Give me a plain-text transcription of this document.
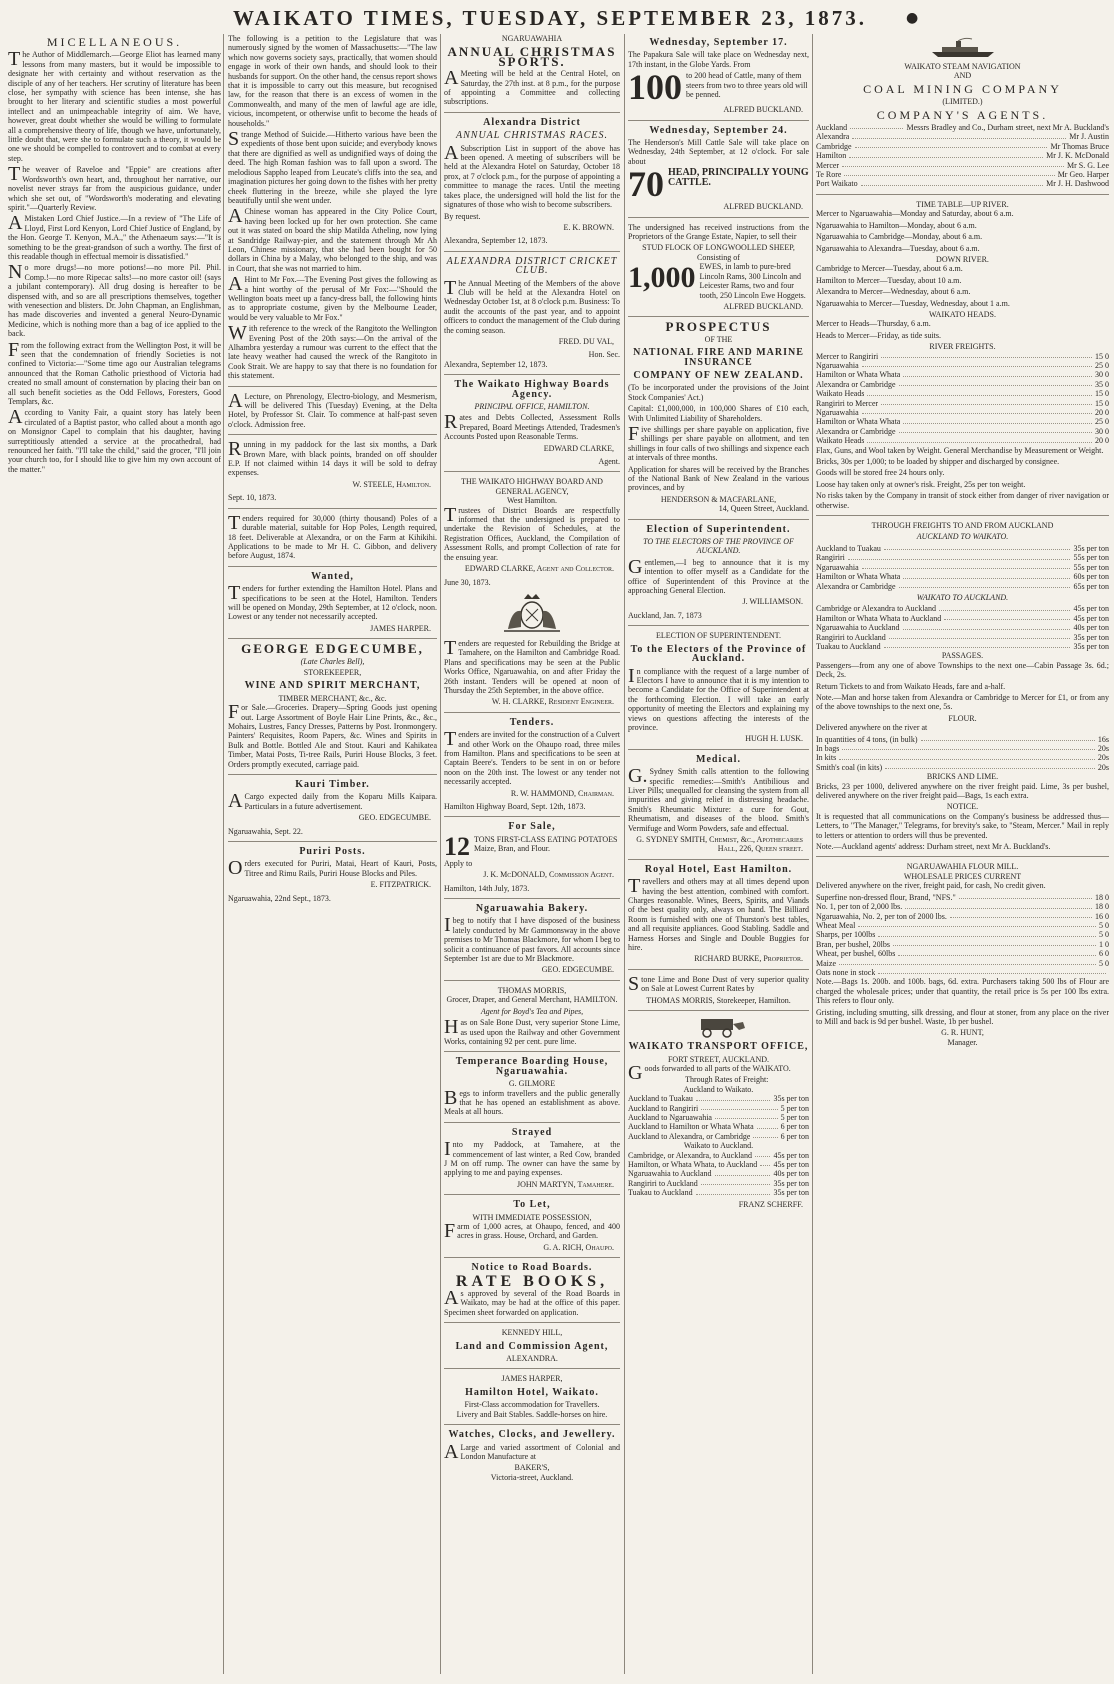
WAIKATO TIMES, TUESDAY, SEPTEMBER 23, 1873.	●
MICELLANEOUS.

The Author of Middlemarch.—George Eliot has learned many lessons from many masters, but it would be impossible to designate her with certainty and without reservation as the disciple of any of her teachers. Her scrutiny of literature has been close, her sympathy with science has been intense, she has brought to her literary and scientific studies a most powerful intellect and an unimpeachable integrity of aim. We have, however, great doubt whether she would be willing to formulate all a comprehensive theory of life, though we have, unfortunately, little doubt that, were she to formulate such a theory, it would be one we should be compelled to controvert and to combat at every step.

The weaver of Raveloe and "Eppie" are creations after Wordsworth's own heart, and, throughout her narrative, our novelist never strays far from the auspicious guidance, under which she set out, of "Wordsworth's moderating and elevating spirit."—Quarterly Review.

AMistaken Lord Chief Justice.—In a review of "The Life of Lloyd, First Lord Kenyon, Lord Chief Justice of England, by the Hon. George T. Kenyon, M.A.," the Athenaeum says:—"It is something to be the great-grandson of such a worthy. The first of this readable though in effectual memoir is dissatisfied."

No more drugs!—no more potions!—no more Pil. Phil. Comp.!—no more Ripecac salts!—no more castor oil! (says a jubilant contemporary). All drug dosing is hereafter to be dispensed with, and so are all prescriptions themselves, together with venesection and blisters. Dr. John Chapman, an Englishman, has made discoveries and invented a general Neuro-Dynamic Medicine, which is nothing more than a bag of ice applied to the back.

From the following extract from the Wellington Post, it will be seen that the condemnation of friendly Societies is not confined to Victoria:—"Some time ago our Australian telegrams announced that the Roman Catholic priesthood of Victoria had created no small amount of consternation by placing their ban on all such benefit societies as the Odd Fellows, Foresters, Good Templars, &c.

According to Vanity Fair, a quaint story has lately been circulated of a Baptist pastor, who called about a month ago on Monsignor Capel to complain that his daughter, having surreptitiously attended a service at the procathedral, had renounced her faith. "I'll take the child," said the grocer, "I'll join your church too, for I should like to give him my own account of the matter."

The following is a petition to the Legislature that was numerously signed by the women of Massachusetts:—"The law which now governs society says, practically, that women should engage in work of their own hands, and should look to their husbands for support. On the other hand, the census report shows that it is impossible to carry out this measure, but recognised law, for the reason that there is an excess of women in the Commonwealth, and many of the men of lawful age are idle, vicious, incompetent, or otherwise unfit to become the heads of households."

Strange Method of Suicide.—Hitherto various have been the expedients of those bent upon suicide; and everybody knows that there are dignified as well as undignified ways of doing the deed. The high Roman fashion was to fall upon a sword. The melodious Sappho leaped from Leucate's cliffs into the sea, and imagination pictures her going down to the fishes with her pretty cheek fluttering in the breeze, while she played the lyre beautifully until she went under.

AChinese woman has appeared in the City Police Court, having been locked up for her own protection. She came out it was stated on board the ship Matilda Atheling, now lying at Sandridge Railway-pier, and the statement through Mr Ah Leon, Chinese missionary, that she had been bought for 50 dollars in China by a Malay, who belonged to the ship, and was in Court, that she was not married to him.

AHint to Mr Fox.—The Evening Post gives the following as a hint worthy of the perusal of Mr Fox:—"Should the Wellington boats meet up a fancy-dress ball, the following hints as to appropriate costume, given by the Melbourne Leader, would be very valuable to Mr Fox."

With reference to the wreck of the Rangitoto the Wellington Evening Post of the 20th says:—On the arrival of the Alhambra yesterday a rumour was current to the effect that the late heavy weather had caused the wreck of the Rangitoto in Cook Strait. We are happy to say that there is no foundation for this statement.

ALecture, on Phrenology, Electro-biology, and Mesmerism, will be delivered This (Tuesday) Evening, at the Delta Hotel, by Professor St. Clair. To commence at half-past seven o'clock. Admission free.

Running in my paddock for the last six months, a Dark Brown Mare, with black points, branded on off shoulder E.P. If not claimed within 14 days it will be sold to defray expenses.

W. STEELE, Hamilton.
Sept. 10, 1873.

Tenders required for 30,000 (thirty thousand) Poles of a durable material, suitable for Hop Poles, Length required, 18 feet. Deliverable at Alexandra, or on the Farm at Kihikihi. Applications to be made to Mr H. C. Gibbon, and delivery before August, 1874.

Wanted,

Tenders for further extending the Hamilton Hotel. Plans and specifications to be seen at the Hotel, Hamilton. Tenders will be opened on Monday, 29th September, at 12 o'clock, noon. Lowest or any tender not necessarily accepted.

JAMES HARPER.
GEORGE EDGECUMBE,
(Late Charles Bell),
STOREKEEPER,
WINE AND SPIRIT MERCHANT,
TIMBER MERCHANT, &c., &c.

For Sale.—Groceries. Drapery—Spring Goods just opening out. Large Assortment of Boyle Hair Line Prints, &c., &c., Mohairs, Lustres, Fancy Dresses, Patterns by Post. Ironmongery. Painters' Requisites, Room Papers, &c. Wines and Spirits in Bulk and Bottle. Bottled Ale and Stout. Kauri and Kahikatea Timber, Matai Posts, Ti-tree Rails, Puriri House Blocks, 3 feet. Orders promptly executed, carriage paid.

Kauri Timber.

ACargo expected daily from the Koparu Mills Kaipara. Particulars in a future advertisement.

GEO. EDGECUMBE.
Ngaruawahia, Sept. 22.
Puriri Posts.

Orders executed for Puriri, Matai, Heart of Kauri, Posts, Titree and Rimu Rails, Puriri House Blocks and Piles.

E. FITZPATRICK.
Ngaruawahia, 22nd Sept., 1873.
NGARUAWAHIA
ANNUAL CHRISTMAS SPORTS.

AMeeting will be held at the Central Hotel, on Saturday, the 27th inst. at 8 p.m., for the purpose of appointing a Committee and collecting subscriptions.

Alexandra District
ANNUAL CHRISTMAS RACES.

ASubscription List in support of the above has been opened. A meeting of subscribers will be held at the Alexandra Hotel on Saturday, October 18 prox, at 7 o'clock p.m., for the purpose of appointing a committee to manage the races. Until the meeting takes place, the undersigned will hold the list for the signatures of those who wish to become subscribers.

By request.
E. K. BROWN.
Alexandra, September 12, 1873.
ALEXANDRA DISTRICT CRICKET CLUB.

The Annual Meeting of the Members of the above Club will be held at the Alexandra Hotel on Wednesday October 1st, at 8 o'clock p.m. Business: To audit the accounts of the past year, and to appoint officers to conduct the management of the Club during the coming season.

FRED. DU VAL,
Hon. Sec.
Alexandra, September 12, 1873.
The Waikato Highway Boards Agency.
PRINCIPAL OFFICE, HAMILTON.

Rates and Debts Collected, Assessment Rolls Prepared, Board Meetings Attended, Tradesmen's Accounts Posted upon Reasonable Terms.

EDWARD CLARKE,
Agent.
THE WAIKATO HIGHWAY BOARD AND GENERAL AGENCY,
West Hamilton.

Trustees of District Boards are respectfully informed that the undersigned is prepared to undertake the Revision of Schedules, at the Registration Offices, Auckland, the Compilation of Assessment Rolls, and prompt Collection of rate for the ensuing year.

EDWARD CLARKE, Agent and Collector.
June 30, 1873.

Tenders are requested for Rebuilding the Bridge at Tamahere, on the Hamilton and Cambridge Road. Plans and specifications may be seen at the Public Works Office, Ngaruawahia, on and after Friday the 26th instant. Tenders will be opened at noon of Thursday the 25th September, in the above office.

W. H. CLARKE, Resident Engineer.
Tenders.

Tenders are invited for the construction of a Culvert and other Work on the Ohaupo road, three miles from Hamilton. Plans and specifications to be seen at Captain Beere's. Tenders to be sent in on or before noon on the 20th inst. The lowest or any tender not necessarily accepted.

R. W. HAMMOND, Chairman.
Hamilton Highway Board, Sept. 12th, 1873.
For Sale,
12 TONS FIRST-CLASS EATING POTATOES Maize, Bran, and Flour.
Apply to
J. K. McDONALD, Commission Agent.
Hamilton, 14th July, 1873.
Ngaruawahia Bakery.

Ibeg to notify that I have disposed of the business lately conducted by Mr Gammonsway in the above premises to Mr Thomas Blackmore, for whom I beg to solicit a continuance of past favors. All accounts since September 1st are due to Mr Blackmore.

GEO. EDGECUMBE.
THOMAS MORRIS,
Grocer, Draper, and General Merchant, HAMILTON.
Agent for Boyd's Tea and Pipes,

Has on Sale Bone Dust, very superior Stone Lime, as used upon the Railway and other Government Works, containing 92 per cent. pure lime.

Temperance Boarding House, Ngaruawahia.
G. GILMORE

Begs to inform travellers and the public generally that he has opened an establishment as above. Meals at all hours.

Strayed

Into my Paddock, at Tamahere, at the commencement of last winter, a Red Cow, branded J M on off rump. The owner can have the same by applying to me and paying expenses.

JOHN MARTYN, Tamahere.
To Let,
WITH IMMEDIATE POSSESSION,

Farm of 1,000 acres, at Ohaupo, fenced, and 400 acres in grass. House, Orchard, and Garden.

G. A. RICH, Ohaupo.
Notice to Road Boards.
RATE BOOKS,

As approved by several of the Road Boards in Waikato, may be had at the office of this paper. Specimen sheet forwarded on application.

KENNEDY HILL,
Land and Commission Agent,
ALEXANDRA.
JAMES HARPER,
Hamilton Hotel, Waikato.
First-Class accommodation for Travellers.
Livery and Bait Stables. Saddle-horses on hire.
Watches, Clocks, and Jewellery.

ALarge and varied assortment of Colonial and London Manufacture at

BAKER'S,
Victoria-street, Auckland.
Wednesday, September 17.

The Papakura Sale will take place on Wednesday next, 17th instant, in the Globe Yards. From

100 to 200 head of Cattle, many of them steers from two to three years old will be penned.
ALFRED BUCKLAND.
Wednesday, September 24.

The Henderson's Mill Cattle Sale will take place on Wednesday, 24th September, at 12 o'clock. For sale about

70 HEAD, PRINCIPALLY YOUNG CATTLE.
ALFRED BUCKLAND.

The undersigned has received instructions from the Proprietors of the Grange Estate, Napier, to sell their

STUD FLOCK OF LONGWOOLLED SHEEP,
Consisting of
1,000 EWES, in lamb to pure-bred Lincoln Rams, 300 Lincoln and Leicester Rams, two and four tooth, 250 Lincoln Ewe Hoggets.
ALFRED BUCKLAND.
PROSPECTUS
OF THE
NATIONAL FIRE AND MARINE INSURANCE
COMPANY OF NEW ZEALAND.

(To be incorporated under the provisions of the Joint Stock Companies' Act.)

Capital: £1,000,000, in 100,000 Shares of £10 each, With Unlimited Liability of Shareholders.

Five shillings per share payable on application, five shillings per share payable on allotment, and ten shillings in four calls of two shillings and sixpence each at intervals of three months.

Application for shares will be received by the Branches of the National Bank of New Zealand in the various provinces, and by

HENDERSON & MACFARLANE,
14, Queen Street, Auckland.
Election of Superintendent.
TO THE ELECTORS OF THE PROVINCE OF AUCKLAND.

Gentlemen,—I beg to announce that it is my intention to offer myself as a Candidate for the office of Superintendent of this Province at the approaching General Election.

J. WILLIAMSON.
Auckland, Jan. 7, 1873
ELECTION OF SUPERINTENDENT.
To the Electors of the Province of Auckland.

In compliance with the request of a large number of Electors I have to announce that it is my intention to become a Candidate for the Office of Superintendent at the forthcoming Election. I will take an early opportunity of meeting the Electors and explaining my views on questions affecting the interests of the province.

HUGH H. LUSK.
Medical.

G.Sydney Smith calls attention to the following specific remedies:—Smith's Antibilious and Liver Pills; unequalled for cleansing the system from all impurities and giving relief in distressing headache. Smith's Rheumatic Mixture: a cure for Gout, Rheumatism, and diseases of the blood. Smith's Vermifuge and Worm Powders, safe and effectual.

G. SYDNEY SMITH, Chemist, &c., Apothecaries Hall, 226, Queen street.
Royal Hotel, East Hamilton.

Travellers and others may at all times depend upon having the best attention, combined with comfort. Charges reasonable. Wines, Beers, Spirits, and Viands of the best quality only, always on hand. The Billiard Room is furnished with one of Thurston's best tables, and all requisite appliances. Good Stabling. Saddle and Harness Horses and Single and Double Buggies for hire.

RICHARD BURKE, Proprietor.

Stone Lime and Bone Dust of very superior quality on Sale at Lowest Current Rates by

THOMAS MORRIS, Storekeeper, Hamilton.
WAIKATO TRANSPORT OFFICE,
FORT STREET, AUCKLAND.

Goods forwarded to all parts of the WAIKATO.

Through Rates of Freight:
Auckland to Waikato.
Auckland to Tuakau	35s per ton
Auckland to Rangiriri	5 per ton
Auckland to Ngaruawahia	5 per ton
Auckland to Hamilton or Whata Whata	6 per ton
Auckland to Alexandra, or Cambridge	6 per ton
Waikato to Auckland.
Cambridge, or Alexandra, to Auckland	45s per ton
Hamilton, or Whata Whata, to Auckland 45s per ton
Ngaruawahia to Auckland	40s per ton
Rangiriri to Auckland	35s per ton
Tuakau to Auckland	35s per ton
FRANZ SCHERFF.
WAIKATO STEAM NAVIGATION
AND
COAL MINING COMPANY
(LIMITED.)
COMPANY'S AGENTS.
Auckland	Messrs Bradley and Co., Durham street, next Mr A. Buckland's
Alexandra	Mr J. Austin
Cambridge	Mr Thomas Bruce
Hamilton	Mr J. K. McDonald
Mercer	Mr S. G. Lee
Te Rore	Mr Geo. Harper
Port Waikato	Mr J. H. Dashwood
TIME TABLE—UP RIVER.

Mercer to Ngaruawahia—Monday and Saturday, about 6 a.m.

Ngaruawahia to Hamilton—Monday, about 6 a.m.

Ngaruawahia to Cambridge—Monday, about 6 a.m.

Ngaruawahia to Alexandra—Tuesday, about 6 a.m.

DOWN RIVER.

Cambridge to Mercer—Tuesday, about 6 a.m.

Hamilton to Mercer—Tuesday, about 10 a.m.

Alexandra to Mercer—Wednesday, about 6 a.m.

Ngaruawahia to Mercer—Tuesday, Wednesday, about 1 a.m.

WAIKATO HEADS.

Mercer to Heads—Thursday, 6 a.m.

Heads to Mercer—Friday, as tide suits.

RIVER FREIGHTS.
Mercer to Rangiriri	15 0
Ngaruawahia	25 0
Hamilton or Whata Whata	30 0
Alexandra or Cambridge	35 0
Waikato Heads	15 0
Rangiriri to Mercer	15 0
Ngaruawahia	20 0
Hamilton or Whata Whata	25 0
Alexandra or Cambridge	30 0
Waikato Heads	20 0

Flax, Guns, and Wool taken by Weight. General Merchandise by Measurement or Weight.

Bricks, 30s per 1,000; to be loaded by shipper and discharged by consignee.

Goods will be stored free 24 hours only.

Loose hay taken only at owner's risk. Freight, 25s per ton weight.

No risks taken by the Company in transit of stock either from danger of river navigation or otherwise.

THROUGH FREIGHTS TO AND FROM AUCKLAND
AUCKLAND TO WAIKATO.
Auckland to Tuakau	35s per ton
Rangiriri	55s per ton
Ngaruawahia	55s per ton
Hamilton or Whata Whata	60s per ton
Alexandra or Cambridge	65s per ton
WAIKATO TO AUCKLAND.
Cambridge or Alexandra to Auckland	45s per ton
Hamilton or Whata Whata to Auckland	45s per ton
Ngaruawahia to Auckland	40s per ton
Rangiriri to Auckland	35s per ton
Tuakau to Auckland	35s per ton
PASSAGES.

Passengers—from any one of above Townships to the next one—Cabin Passage 3s. 6d.; Deck, 2s.

Return Tickets to and from Waikato Heads, fare and a-half.

Note.—Man and horse taken from Alexandra or Cambridge to Mercer for £1, or from any of the above townships to the next one, 5s.

FLOUR.

Delivered anywhere on the river at

In quantities of 4 tons, (in bulk)	16s
In bags	20s
In kits	20s
Smith's coal (in kits)	20s
BRICKS AND LIME.

Bricks, 23 per 1000, delivered anywhere on the river freight paid. Lime, 3s per bushel, delivered anywhere on the river freight paid—Bags, 1s each extra.

NOTICE.

It is requested that all communications on the Company's business be addressed thus—Letters, to "The Manager," Telegrams, for brevity's sake, to "Steam, Mercer." Mail in reply to letters or attention to orders will thus be prevented.

Note.—Auckland agents' address: Durham street, next Mr A. Buckland's.

NGARUAWAHIA FLOUR MILL.
WHOLESALE PRICES CURRENT

Delivered anywhere on the river, freight paid, for cash, No credit given.

Superfine non-dressed flour, Brand, "NFS."	18 0
No. 1, per ton of 2,000 lbs.	18 0
Ngaruawahia, No. 2, per ton of 2000 lbs.	16 0
Wheat Meal	5 0
Sharps, per 100lbs	5 0
Bran, per bushel, 20lbs	1 0
Wheat, per bushel, 60lbs	6 0
Maize	5 0
Oats none in stock

Note.—Bags 1s. 200b. and 100b. bags, 6d. extra. Purchasers taking 500 lbs of Flour are charged the wholesale prices; under that quantity, the retail price is 5s per 100 lbs extra. This refers to flour only.

Gristing, including smutting, silk dressing, and flour at stoner, from any place on the river to Mill and back is 9d per bushel. Waste, 1b per bushel.

G. R. HUNT,
Manager.
